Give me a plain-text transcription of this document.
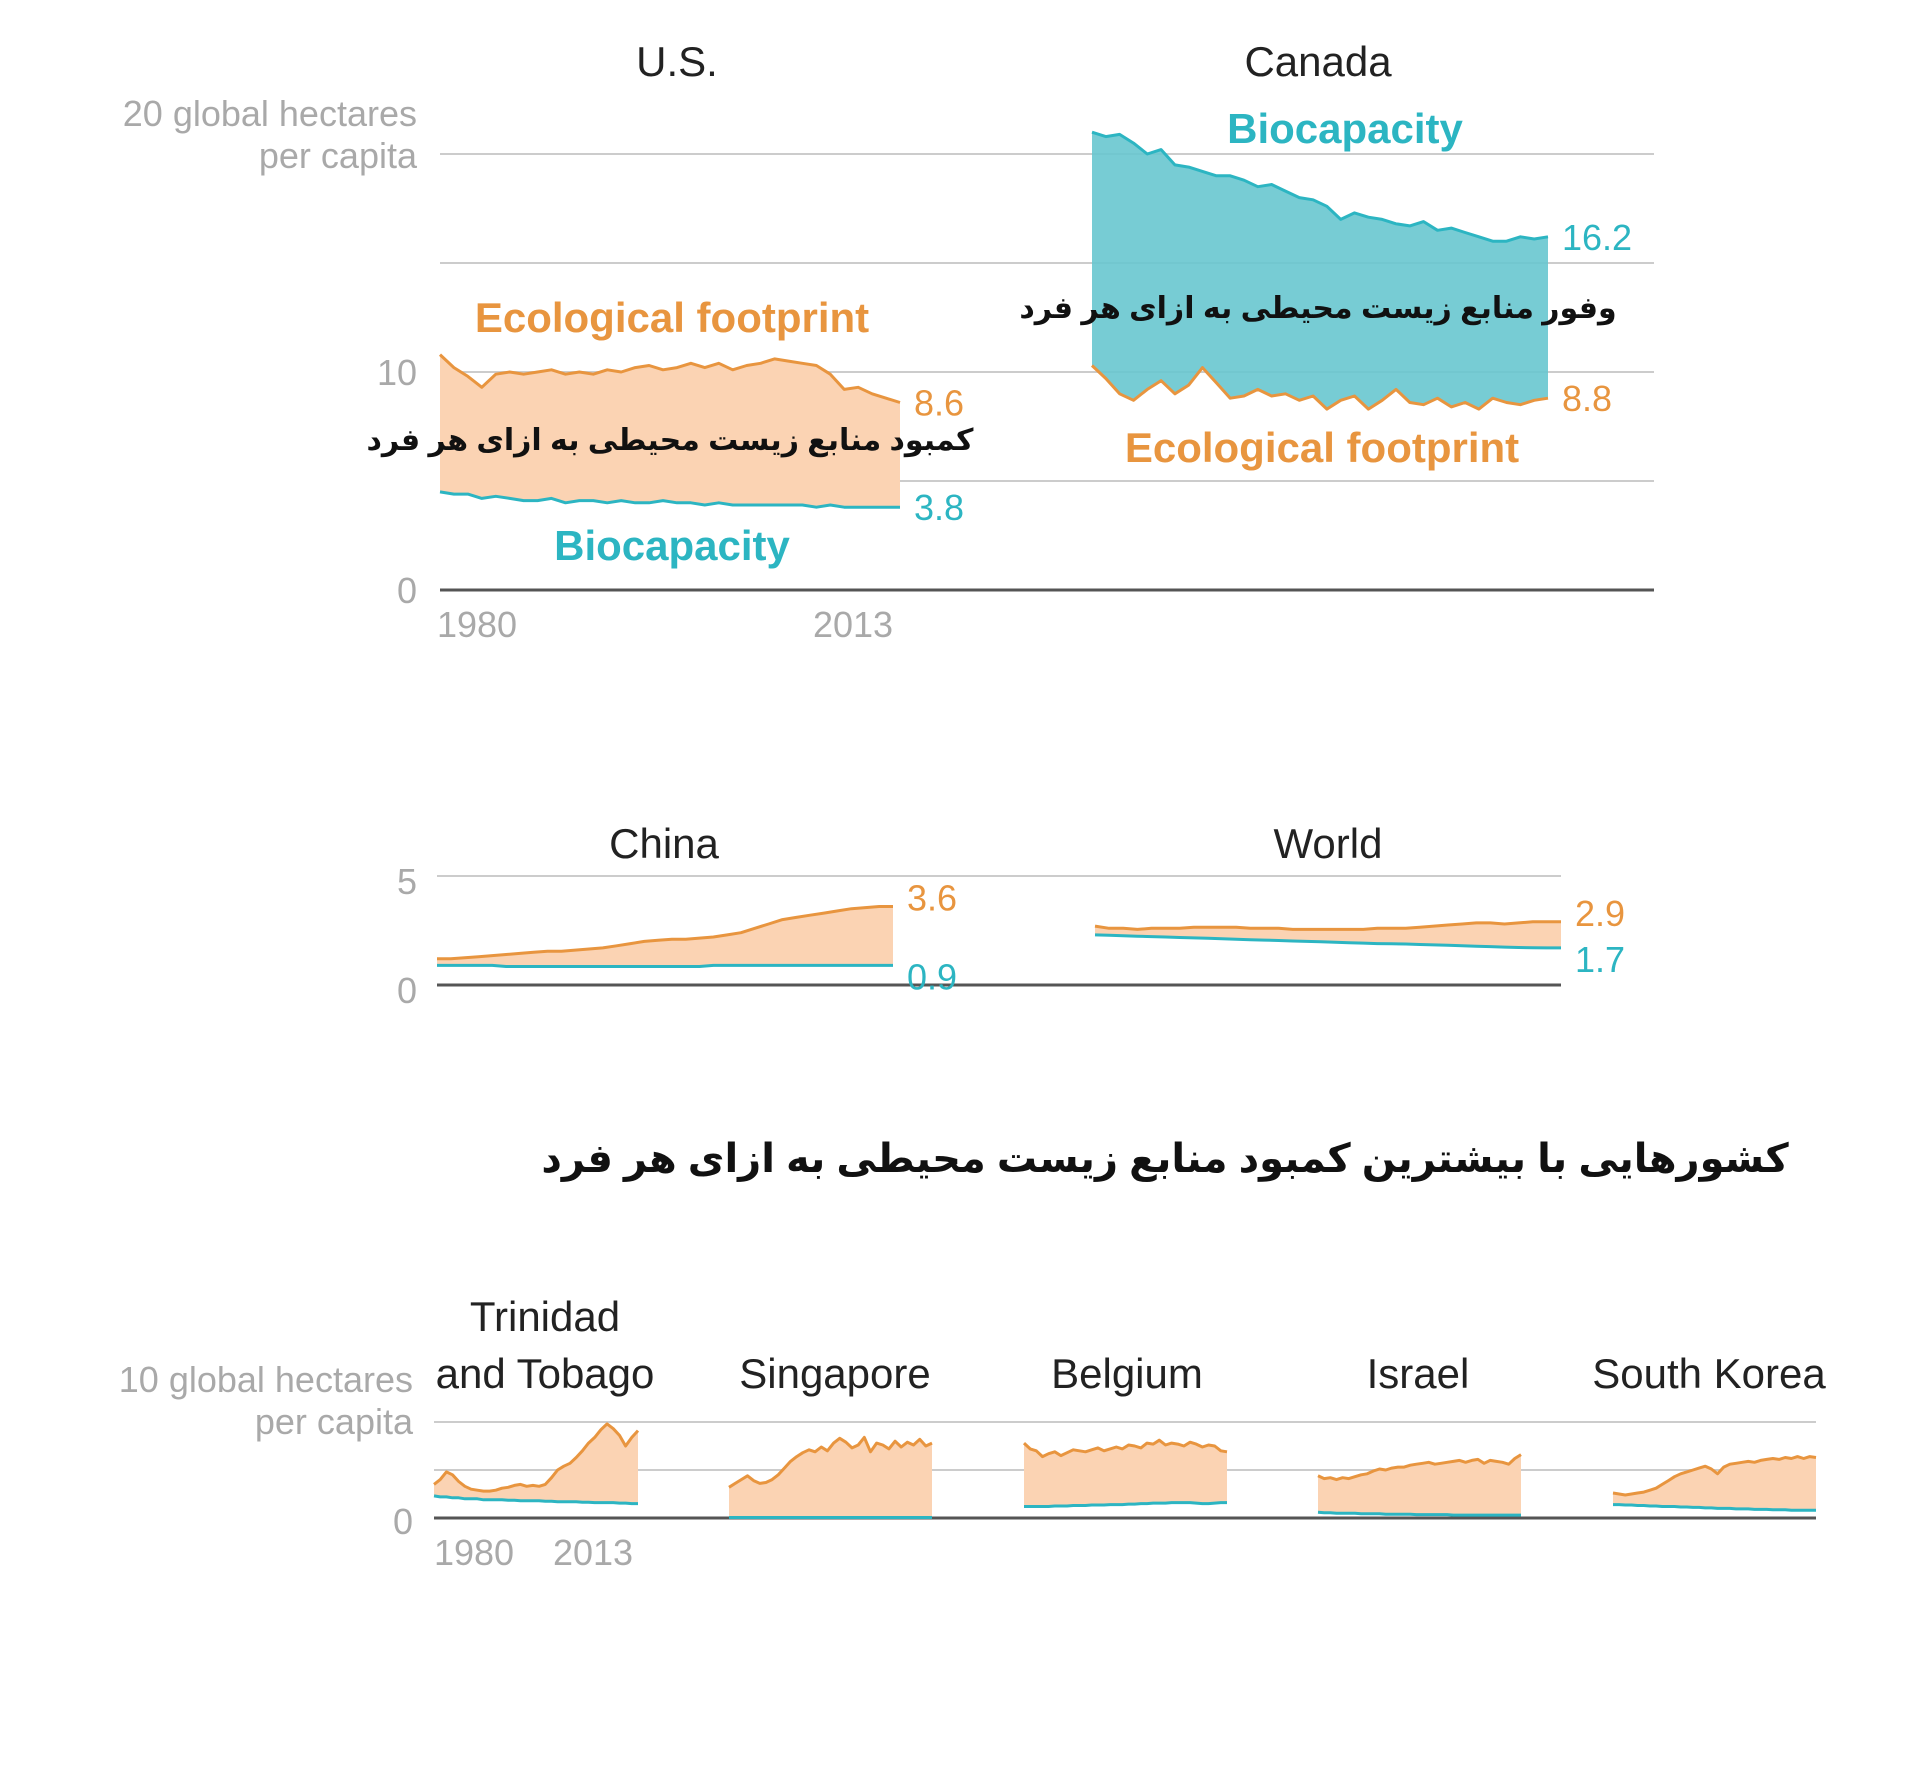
20 global hectares
per capita
10 global hectares
per capita
U.S.	Canada
China	World
Trinidad
and Tobago Singapore	Belgium	Israel	South Korea
Ecological footprint
Biocapacity
Biocapacity
Ecological footprint
کمبود منابع زیست محیطی به ازای هر فرد
وفور منابع زیست محیطی به ازای هر فرد
کشورهایی با بیشترین کمبود منابع زیست محیطی به ازای هر فرد
8.6
3.8
8.8
16.2
3.6
0.9
2.9
1.7
10
0
5
0
0
1980	2013
1980 2013
